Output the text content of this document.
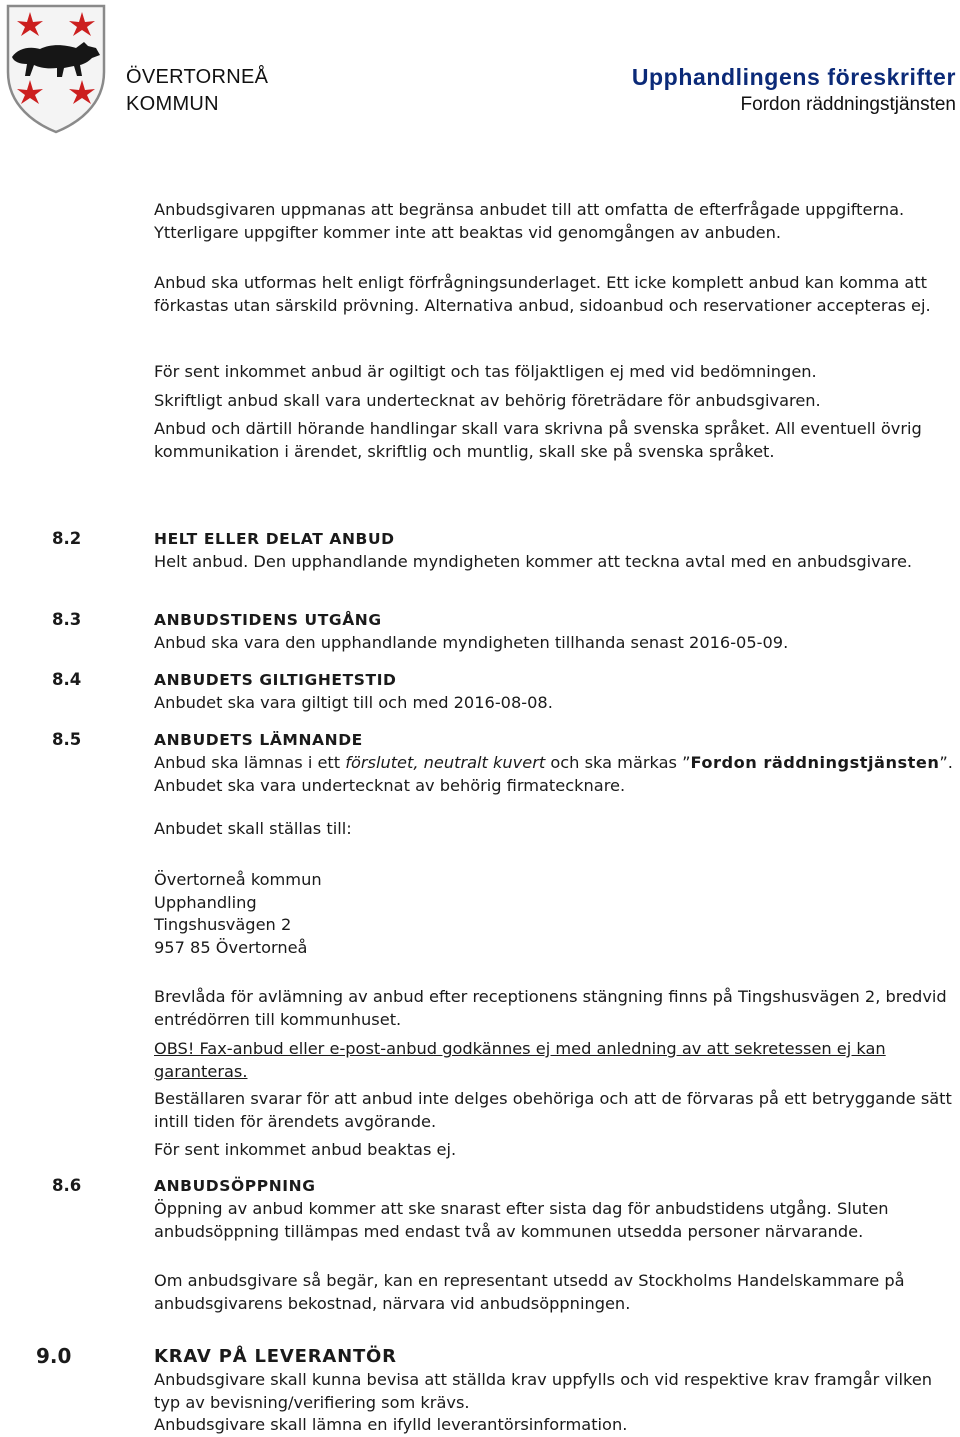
ÖVERTORNEÅ
KOMMUN
Upphandlingens föreskrifter
Fordon räddningstjänsten

Anbudsgivaren uppmanas att begränsa anbudet till att omfatta de efterfrågade uppgifterna. Ytterligare uppgifter kommer inte att beaktas vid genomgången av anbuden.

Anbud ska utformas helt enligt förfrågningsunderlaget. Ett icke komplett anbud kan komma att förkastas utan särskild prövning. Alternativa anbud, sidoanbud och reservationer accepteras ej.

För sent inkommet anbud är ogiltigt och tas följaktligen ej med vid bedömningen.

Skriftligt anbud skall vara undertecknat av behörig företrädare för anbudsgivaren.

Anbud och därtill hörande handlingar skall vara skrivna på svenska språket. All eventuell övrig kommunikation i ärendet, skriftlig och muntlig, skall ske på svenska språket.

8.2	HELT ELLER DELAT ANBUD

Helt anbud. Den upphandlande myndigheten kommer att teckna avtal med en anbudsgivare.

8.3	ANBUDSTIDENS UTGÅNG

Anbud ska vara den upphandlande myndigheten tillhanda senast 2016-05-09.

8.4	ANBUDETS GILTIGHETSTID

Anbudet ska vara giltigt till och med 2016-08-08.

8.5	ANBUDETS LÄMNANDE

Anbud ska lämnas i ett förslutet, neutralt kuvert och ska märkas ”Fordon räddningstjänsten”. Anbudet ska vara undertecknat av behörig firmatecknare.

Anbudet skall ställas till:

Övertorneå kommun
Upphandling
Tingshusvägen 2
957 85 Övertorneå

Brevlåda för avlämning av anbud efter receptionens stängning finns på Tingshusvägen 2, bredvid entrédörren till kommunhuset.

OBS! Fax-anbud eller e-post-anbud godkännes ej med anledning av att sekretessen ej kan garanteras.

Beställaren svarar för att anbud inte delges obehöriga och att de förvaras på ett betryggande sätt intill tiden för ärendets avgörande.

För sent inkommet anbud beaktas ej.

8.6	ANBUDSÖPPNING

Öppning av anbud kommer att ske snarast efter sista dag för anbudstidens utgång. Sluten anbudsöppning tillämpas med endast två av kommunen utsedda personer närvarande.

Om anbudsgivare så begär, kan en representant utsedd av Stockholms Handelskammare på anbudsgivarens bekostnad, närvara vid anbudsöppningen.

9.0	KRAV PÅ LEVERANTÖR

Anbudsgivare skall kunna bevisa att ställda krav uppfylls och vid respektive krav framgår vilken typ av bevisning/verifiering som krävs.

Anbudsgivare skall lämna en ifylld leverantörsinformation.
